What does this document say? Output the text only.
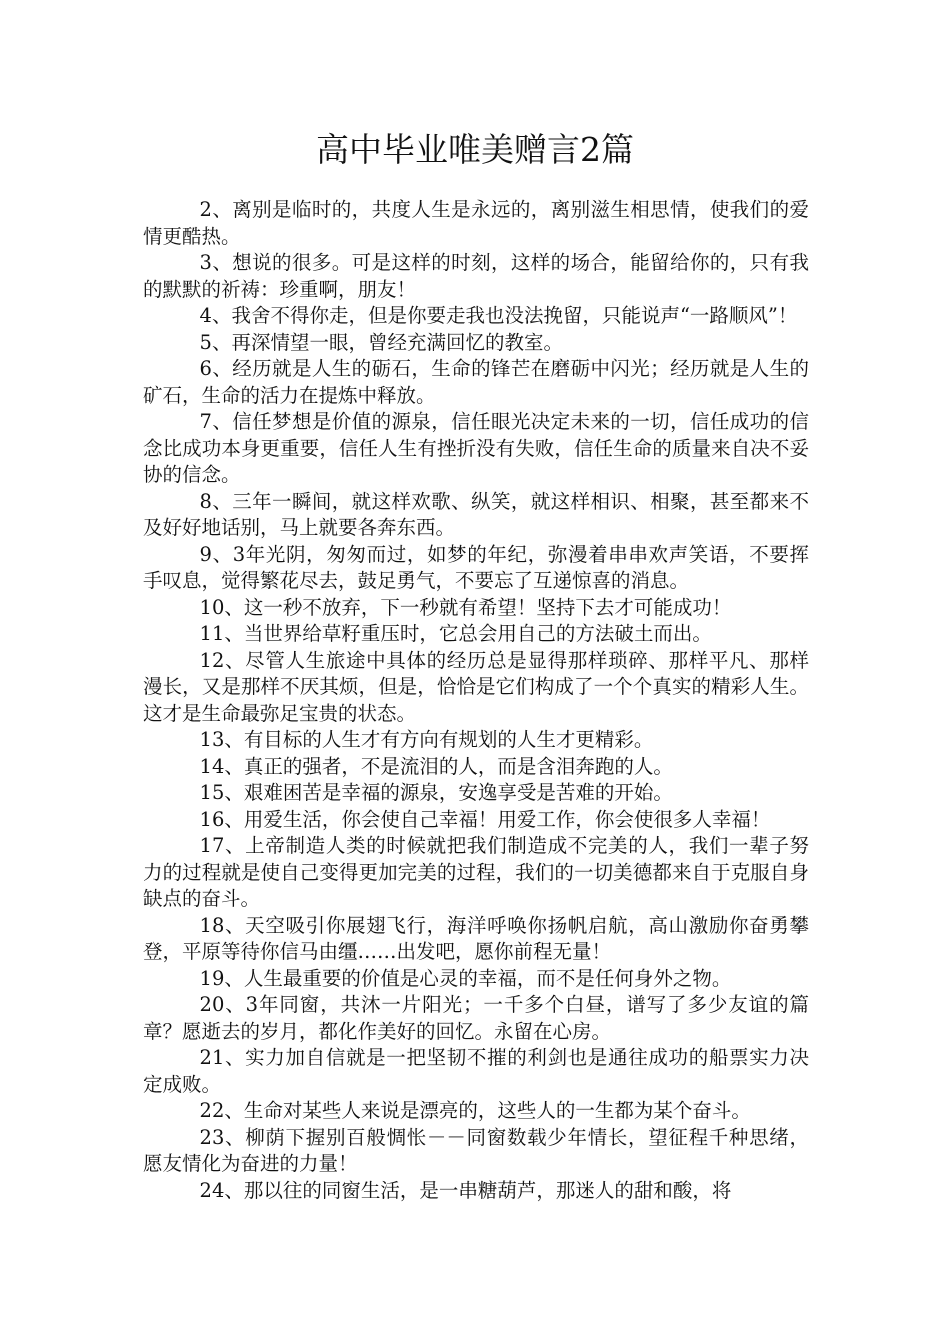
高中毕业唯美赠言2篇

2、离别是临时的，共度人生是永远的，离别滋生相思情，使我们的爱情更酷热。

3、想说的很多。可是这样的时刻，这样的场合，能留给你的，只有我的默默的祈祷：珍重啊，朋友！

4、我舍不得你走，但是你要走我也没法挽留，只能说声“一路顺风”！

5、再深情望一眼，曾经充满回忆的教室。

6、经历就是人生的砺石，生命的锋芒在磨砺中闪光；经历就是人生的矿石，生命的活力在提炼中释放。

7、信任梦想是价值的源泉，信任眼光决定未来的一切，信任成功的信念比成功本身更重要，信任人生有挫折没有失败，信任生命的质量来自决不妥协的信念。

8、三年一瞬间，就这样欢歌、纵笑，就这样相识、相聚，甚至都来不及好好地话别，马上就要各奔东西。

9、3年光阴，匆匆而过，如梦的年纪，弥漫着串串欢声笑语，不要挥手叹息，觉得繁花尽去，鼓足勇气，不要忘了互递惊喜的消息。

10、这一秒不放弃，下一秒就有希望！坚持下去才可能成功！

11、当世界给草籽重压时，它总会用自己的方法破土而出。

12、尽管人生旅途中具体的经历总是显得那样琐碎、那样平凡、那样漫长，又是那样不厌其烦，但是，恰恰是它们构成了一个个真实的精彩人生。这才是生命最弥足宝贵的状态。

13、有目标的人生才有方向有规划的人生才更精彩。

14、真正的强者，不是流泪的人，而是含泪奔跑的人。

15、艰难困苦是幸福的源泉，安逸享受是苦难的开始。

16、用爱生活，你会使自己幸福！用爱工作，你会使很多人幸福！

17、上帝制造人类的时候就把我们制造成不完美的人，我们一辈子努力的过程就是使自己变得更加完美的过程，我们的一切美德都来自于克服自身缺点的奋斗。

18、天空吸引你展翅飞行，海洋呼唤你扬帆启航，高山激励你奋勇攀登，平原等待你信马由缰……出发吧，愿你前程无量！

19、人生最重要的价值是心灵的幸福，而不是任何身外之物。

20、3年同窗，共沐一片阳光；一千多个白昼，谱写了多少友谊的篇章？愿逝去的岁月，都化作美好的回忆。永留在心房。

21、实力加自信就是一把坚韧不摧的利剑也是通往成功的船票实力决定成败。

22、生命对某些人来说是漂亮的，这些人的一生都为某个奋斗。

23、柳荫下握别百般惆怅－－同窗数载少年情长，望征程千种思绪，愿友情化为奋进的力量！

24、那以往的同窗生活，是一串糖葫芦，那迷人的甜和酸，将
